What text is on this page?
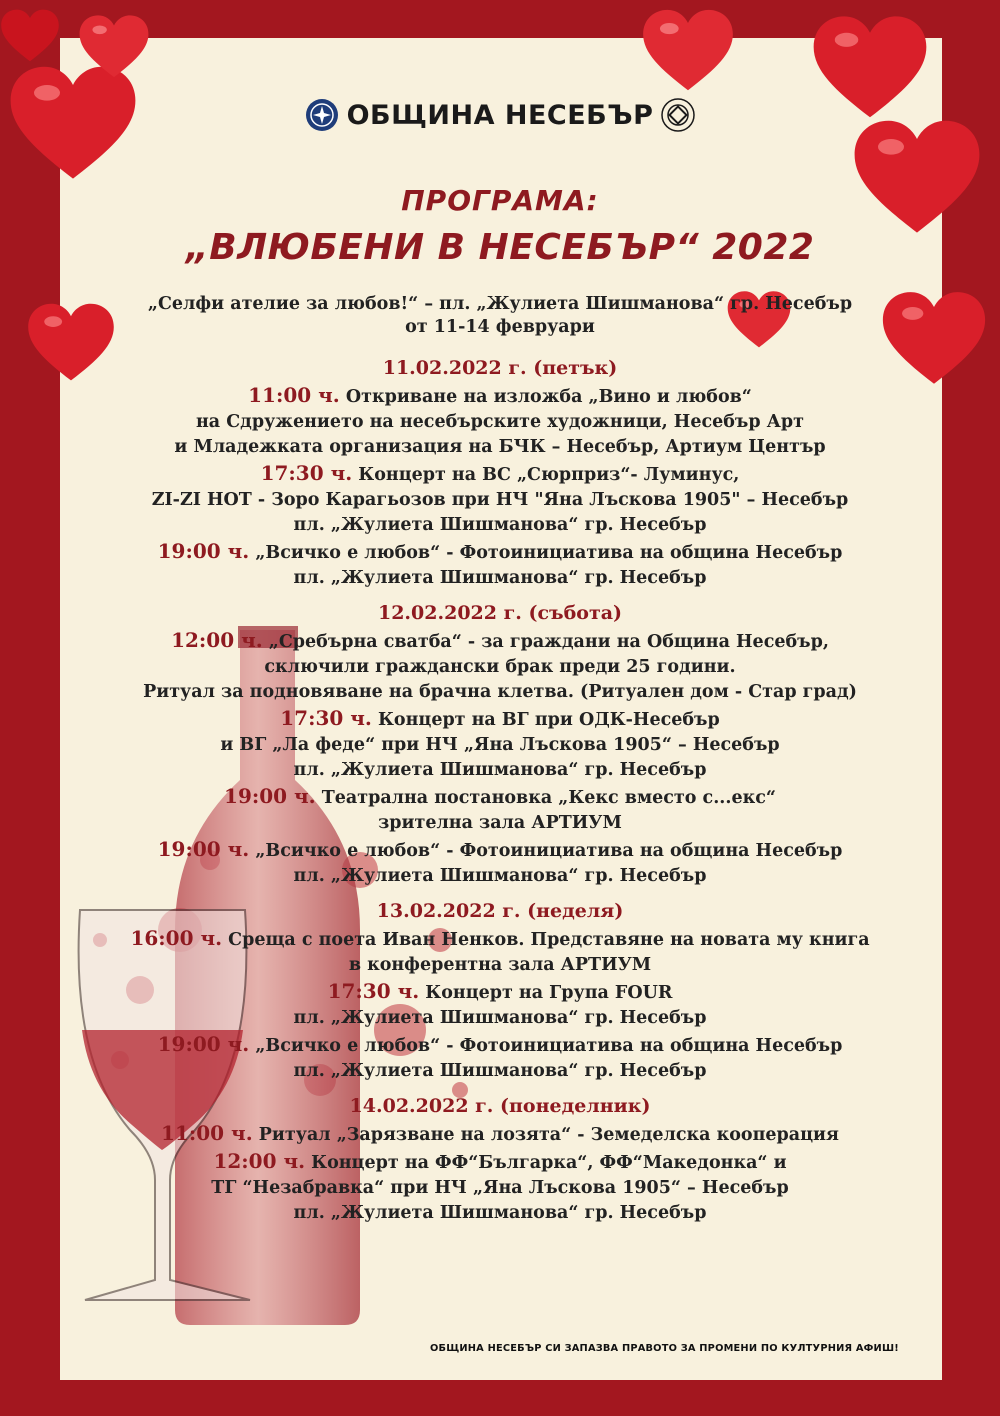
ОБЩИНА НЕСЕБЪР
ПРОГРАМА:
„ВЛЮБЕНИ В НЕСЕБЪР“ 2022
„Селфи ателие за любов!“ – пл. „Жулиета Шишманова“ гр. Несебър
от 11-14 февруари
11.02.2022 г. (петък)
11:00 ч. Откриване на изложба „Вино и любов“
на Сдружението на несебърските художници, Несебър Арт
и Младежката организация на БЧК – Несебър, Артиум Център
17:30 ч. Концерт на ВС „Сюрприз“- Луминус,
ZI-ZI HOT - Зоро Карагьозов при НЧ "Яна Лъскова 1905" – Несебър
пл. „Жулиета Шишманова“ гр. Несебър
19:00 ч. „Всичко е любов“ - Фотоинициатива на община Несебър
пл. „Жулиета Шишманова“ гр. Несебър
12.02.2022 г. (събота)
12:00 ч. „Сребърна сватба“ - за граждани на Община Несебър,
сключили граждански брак преди 25 години.
Ритуал за подновяване на брачна клетва. (Ритуален дом - Стар град)
17:30 ч. Концерт на ВГ при ОДК-Несебър
и ВГ „Ла феде“ при НЧ „Яна Лъскова 1905“ – Несебър
пл. „Жулиета Шишманова“ гр. Несебър
19:00 ч. Театрална постановка „Кекс вместо с...екс“
зрителна зала АРТИУМ
19:00 ч. „Всичко е любов“ - Фотоинициатива на община Несебър
пл. „Жулиета Шишманова“ гр. Несебър
13.02.2022 г. (неделя)
16:00 ч. Среща с поета Иван Ненков. Представяне на новата му книга
в конферентна зала АРТИУМ
17:30 ч. Концерт на Група FOUR
пл. „Жулиета Шишманова“ гр. Несебър
19:00 ч. „Всичко е любов“ - Фотоинициатива на община Несебър
пл. „Жулиета Шишманова“ гр. Несебър
14.02.2022 г. (понеделник)
11:00 ч. Ритуал „Зарязване на лозята“ - Земеделска кооперация
12:00 ч. Концерт на ФФ“Българка“, ФФ“Македонка“ и
ТГ “Незабравка“ при НЧ „Яна Лъскова 1905“ – Несебър
пл. „Жулиета Шишманова“ гр. Несебър
ОБЩИНА НЕСЕБЪР СИ ЗАПАЗВА ПРАВОТО ЗА ПРОМЕНИ ПО КУЛТУРНИЯ АФИШ!
